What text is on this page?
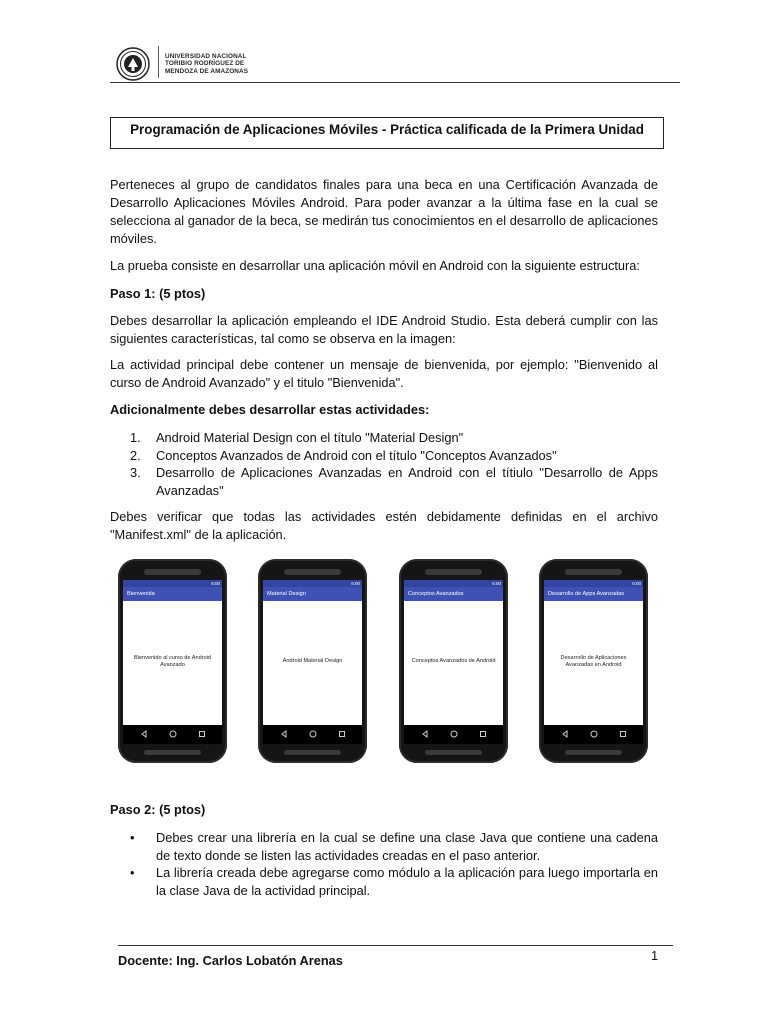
UNIVERSIDAD NACIONAL
TORIBIO RODRÍGUEZ DE
MENDOZA DE AMAZONAS
Programación de Aplicaciones Móviles - Práctica calificada de la Primera Unidad
Perteneces al grupo de candidatos finales para una beca en una Certificación Avanzada de Desarrollo Aplicaciones Móviles Android. Para poder avanzar a la última fase en la cual se selecciona al ganador de la beca, se medirán tus conocimientos en el desarrollo de aplicaciones móviles.
La prueba consiste en desarrollar una aplicación móvil en Android con la siguiente estructura:
Paso 1: (5 ptos)
Debes desarrollar la aplicación empleando el IDE Android Studio. Esta deberá cumplir con las siguientes características, tal como se observa en la imagen:
La actividad principal debe contener un mensaje de bienvenida, por ejemplo: "Bienvenido al curso de Android Avanzado" y el titulo "Bienvenida".
Adicionalmente debes desarrollar estas actividades:
1.	Android Material Design con el título "Material Design"
2.	Conceptos Avanzados de Android con el título "Conceptos Avanzados"
3.	Desarrollo de Aplicaciones Avanzadas en Android con el títiulo "Desarrollo de Apps Avanzadas"
Debes verificar que todas las actividades estén debidamente definidas en el archivo "Manifest.xml" de la aplicación.
6:00
Bienvenida
Bienvenido al curso de Android Avanzado
6:00
Material Design
Android Material Design
6:00
Conceptos Avanzados
Conceptos Avanzados de Android
6:00
Desarrollo de Apps Avanzadas
Desarrollo de Aplicaciones Avanzadas en Android
Paso 2: (5 ptos)
•	Debes crear una librería en la cual se define una clase Java que contiene una cadena de texto donde se listen las actividades creadas en el paso anterior.
•	La librería creada debe agregarse como módulo a la aplicación para luego importarla en la clase Java de la actividad principal.
Docente: Ing. Carlos Lobatón Arenas	1
